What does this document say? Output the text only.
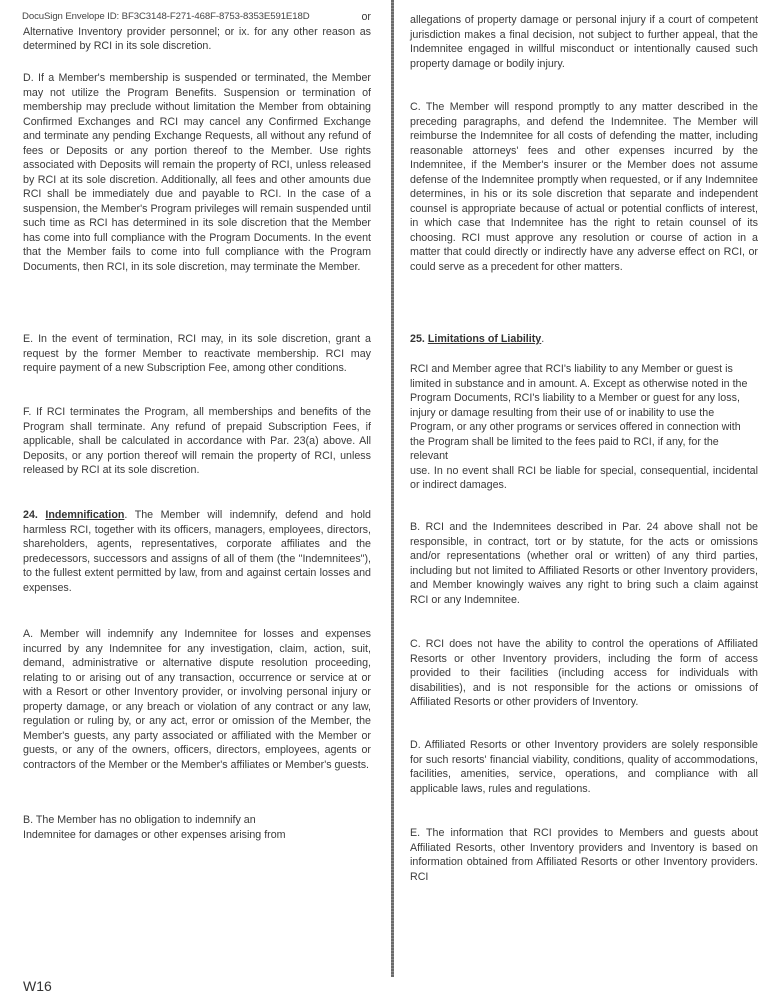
DocuSign Envelope ID: BF3C3148-F271-468F-8753-8353E591E18D	or

Alternative Inventory provider personnel; or ix. for any other reason as determined by RCI in its sole discretion.

D. If a Member's membership is suspended or terminated, the Member may not utilize the Program Benefits. Suspension or termination of membership may preclude without limitation the Member from obtaining Confirmed Exchanges and RCI may cancel any Confirmed Exchange and terminate any pending Exchange Requests, all without any refund of fees or Deposits or any portion thereof to the Member. Use rights associated with Deposits will remain the property of RCI, unless released by RCI at its sole discretion. Additionally, all fees and other amounts due RCI shall be immediately due and payable to RCI. In the case of a suspension, the Member's Program privileges will remain suspended until such time as RCI has determined in its sole discretion that the Member has come into full compliance with the Program Documents. In the event that the Member fails to come into full compliance with the Program Documents, then RCI, in its sole discretion, may terminate the Member.

E. In the event of termination, RCI may, in its sole discretion, grant a request by the former Member to reactivate membership. RCI may require payment of a new Subscription Fee, among other conditions.

F. If RCI terminates the Program, all memberships and benefits of the Program shall terminate. Any refund of prepaid Subscription Fees, if applicable, shall be calculated in accordance with Par. 23(a) above. All Deposits, or any portion thereof will remain the property of RCI, unless released by RCI at its sole discretion.

24. Indemnification. The Member will indemnify, defend and hold harmless RCI, together with its officers, managers, employees, directors, shareholders, agents, representatives, corporate affiliates and the predecessors, successors and assigns of all of them (the "Indemnitees"), to the fullest extent permitted by law, from and against certain losses and expenses.

A. Member will indemnify any Indemnitee for losses and expenses incurred by any Indemnitee for any investigation, claim, action, suit, demand, administrative or alternative dispute resolution proceeding, relating to or arising out of any transaction, occurrence or service at or with a Resort or other Inventory provider, or involving personal injury or property damage, or any breach or violation of any contract or any law, regulation or ruling by, or any act, error or omission of the Member, the Member's guests, any party associated or affiliated with the Member or guests, or any of the owners, officers, directors, employees, agents or contractors of the Member or the Member's affiliates or Member's guests.

B. The Member has no obligation to indemnify an

Indemnitee for damages or other expenses arising from

allegations of property damage or personal injury if a court of competent jurisdiction makes a final decision, not subject to further appeal, that the Indemnitee engaged in willful misconduct or intentionally caused such property damage or bodily injury.

C. The Member will respond promptly to any matter described in the preceding paragraphs, and defend the Indemnitee. The Member will reimburse the Indemnitee for all costs of defending the matter, including reasonable attorneys' fees and other expenses incurred by the Indemnitee, if the Member's insurer or the Member does not assume defense of the Indemnitee promptly when requested, or if any Indemnitee determines, in his or its sole discretion that separate and independent counsel is appropriate because of actual or potential conflicts of interest, in which case that Indemnitee has the right to retain counsel of its choosing. RCI must approve any resolution or course of action in a matter that could directly or indirectly have any adverse effect on RCI, or could serve as a precedent for other matters.

25. Limitations of Liability.

RCI and Member agree that RCI's liability to any Member or guest is limited in substance and in amount. A. Except as otherwise noted in the Program Documents, RCI's liability to a Member or guest for any loss, injury or damage resulting from their use of or inability to use the Program, or any other programs or services offered in connection with the Program shall be limited to the fees paid to RCI, if any, for the relevant

use. In no event shall RCI be liable for special, consequential, incidental or indirect damages.

B. RCI and the Indemnitees described in Par. 24 above shall not be responsible, in contract, tort or by statute, for the acts or omissions and/or representations (whether oral or written) of any third parties, including but not limited to Affiliated Resorts or other Inventory providers, and Member knowingly waives any right to bring such a claim against RCI or any Indemnitee.

C. RCI does not have the ability to control the operations of Affiliated Resorts or other Inventory providers, including the form of access provided to their facilities (including access for individuals with disabilities), and is not responsible for the actions or omissions of Affiliated Resorts or other providers of Inventory.

D. Affiliated Resorts or other Inventory providers are solely responsible for such resorts' financial viability, conditions, quality of accommodations, facilities, amenities, service, operations, and compliance with all applicable laws, rules and regulations.

E. The information that RCI provides to Members and guests about Affiliated Resorts, other Inventory providers and Inventory is based on information obtained from Affiliated Resorts or other Inventory providers. RCI

W16
